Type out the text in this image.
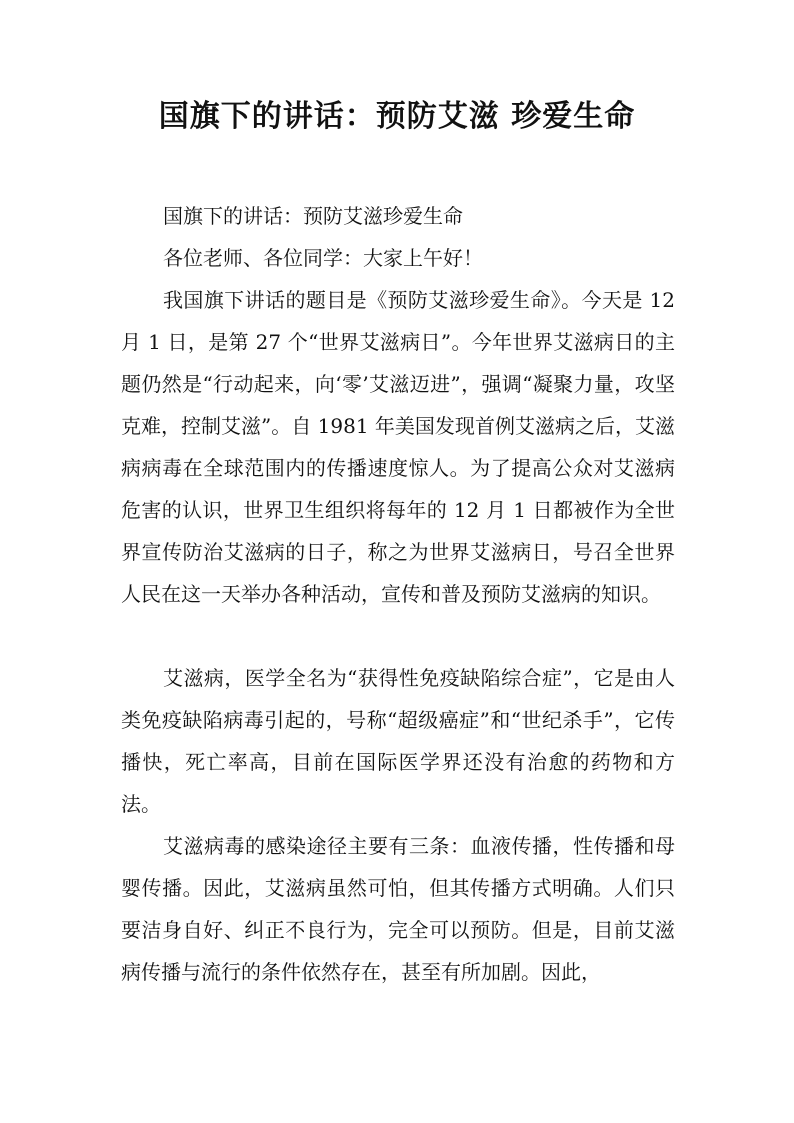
国旗下的讲话：预防艾滋 珍爱生命

国旗下的讲话：预防艾滋珍爱生命

各位老师、各位同学：大家上午好！

我国旗下讲话的题目是《预防艾滋珍爱生命》。今天是 12 月 1 日，是第 27 个“世界艾滋病日”。今年世界艾滋病日的主题仍然是“行动起来，向‘零’艾滋迈进”，强调“凝聚力量，攻坚克难，控制艾滋”。自 1981 年美国发现首例艾滋病之后，艾滋病病毒在全球范围内的传播速度惊人。为了提高公众对艾滋病危害的认识，世界卫生组织将每年的 12 月 1 日都被作为全世界宣传防治艾滋病的日子，称之为世界艾滋病日，号召全世界人民在这一天举办各种活动，宣传和普及预防艾滋病的知识。

艾滋病，医学全名为“获得性免疫缺陷综合症”，它是由人类免疫缺陷病毒引起的，号称“超级癌症”和“世纪杀手”，它传播快，死亡率高，目前在国际医学界还没有治愈的药物和方法。

艾滋病毒的感染途径主要有三条：血液传播，性传播和母婴传播。因此，艾滋病虽然可怕，但其传播方式明确。人们只要洁身自好、纠正不良行为，完全可以预防。但是，目前艾滋病传播与流行的条件依然存在，甚至有所加剧。因此，
